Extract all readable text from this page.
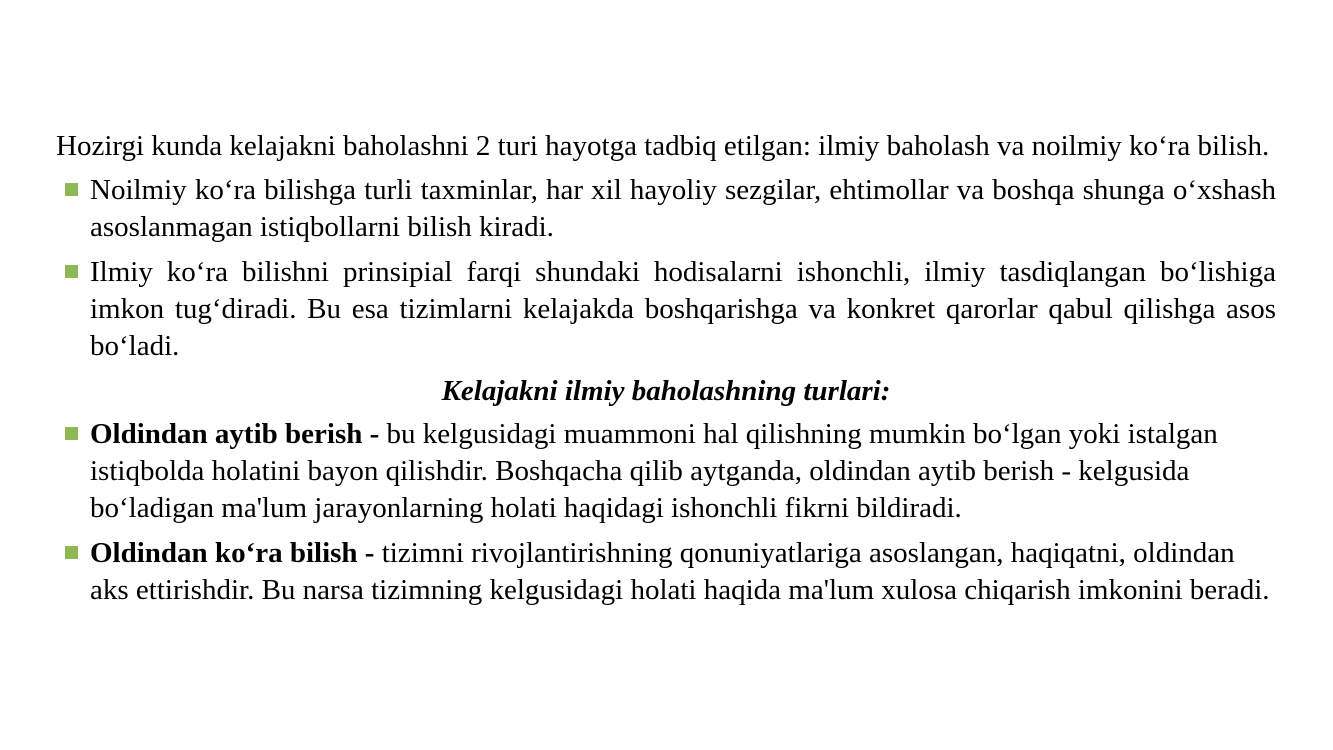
Hozirgi kunda kelajakni baholashni 2 turi hayotga tadbiq etilgan: ilmiy baholash va noilmiy ko‘ra bilish.

Noilmiy ko‘ra bilishga turli taxminlar, har xil hayoliy sezgilar, ehtimollar va boshqa shunga o‘xshash asoslanmagan istiqbollarni bilish kiradi.
Ilmiy ko‘ra bilishni prinsipial farqi shundaki hodisalarni ishonchli, ilmiy tasdiqlangan bo‘lishiga imkon tug‘diradi. Bu esa tizimlarni kelajakda boshqarishga va konkret qarorlar qabul qilishga asos bo‘ladi.

Kelajakni ilmiy baholashning turlari:

Oldindan aytib berish - bu kelgusidagi muammoni hal qilishning mumkin bo‘lgan yoki istalgan istiqbolda holatini bayon qilishdir. Boshqacha qilib aytganda, oldindan aytib berish - kelgusida bo‘ladigan ma'lum jarayonlarning holati haqidagi ishonchli fikrni bildiradi.
Oldindan ko‘ra bilish - tizimni rivojlantirishning qonuniyatlariga asoslangan, haqiqatni, oldindan aks ettirishdir. Bu narsa tizimning kelgusidagi holati haqida ma'lum xulosa chiqarish imkonini beradi.
